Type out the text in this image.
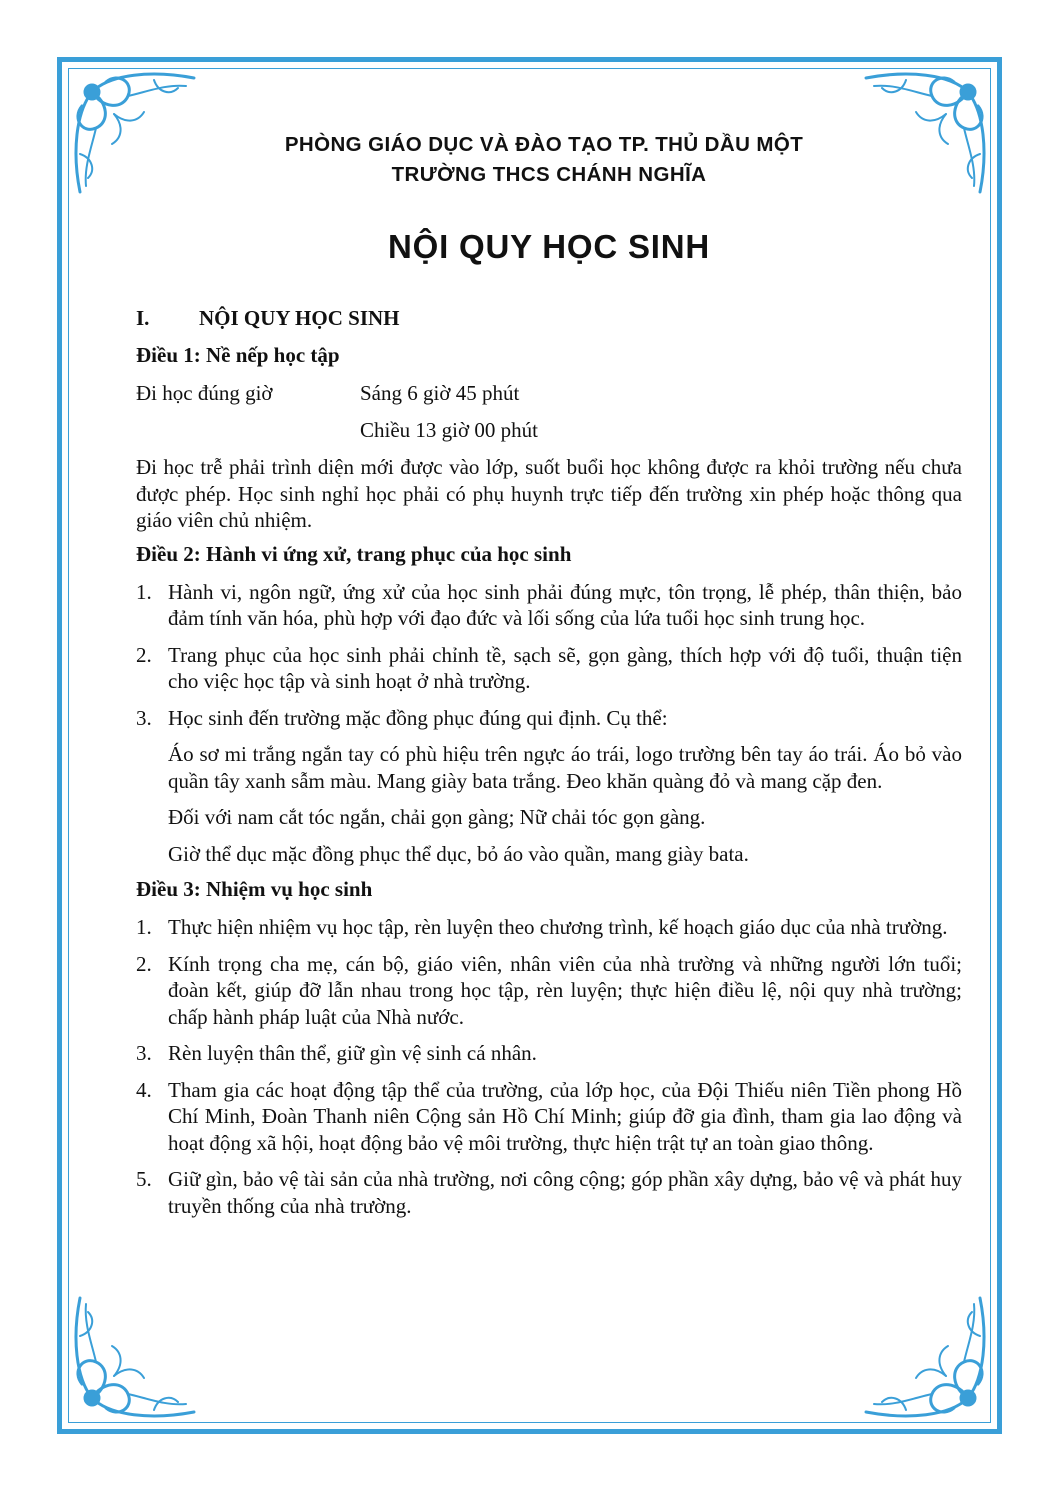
PHÒNG GIÁO DỤC VÀ ĐÀO TẠO TP. THỦ DẦU MỘT
TRƯỜNG THCS CHÁNH NGHĨA
NỘI QUY HỌC SINH
I.	NỘI QUY HỌC SINH
Điều 1: Nề nếp học tập
Đi học đúng giờ	Sáng 6 giờ 45 phút
Chiều 13 giờ 00 phút
Đi học trễ phải trình diện mới được vào lớp, suốt buổi học không được ra khỏi trường nếu chưa được phép. Học sinh nghỉ học phải có phụ huynh trực tiếp đến trường xin phép hoặc thông qua giáo viên chủ nhiệm.
Điều 2: Hành vi ứng xử, trang phục của học sinh
1. Hành vi, ngôn ngữ, ứng xử của học sinh phải đúng mực, tôn trọng, lễ phép, thân thiện, bảo đảm tính văn hóa, phù hợp với đạo đức và lối sống của lứa tuổi học sinh trung học.
2. Trang phục của học sinh phải chỉnh tề, sạch sẽ, gọn gàng, thích hợp với độ tuổi, thuận tiện cho việc học tập và sinh hoạt ở nhà trường.
3. Học sinh đến trường mặc đồng phục đúng qui định. Cụ thể:
Áo sơ mi trắng ngắn tay có phù hiệu trên ngực áo trái, logo trường bên tay áo trái. Áo bỏ vào quần tây xanh sẫm màu. Mang giày bata trắng. Đeo khăn quàng đỏ và mang cặp đen.
Đối với nam cắt tóc ngắn, chải gọn gàng; Nữ chải tóc gọn gàng.
Giờ thể dục mặc đồng phục thể dục, bỏ áo vào quần, mang giày bata.
Điều 3: Nhiệm vụ học sinh
1. Thực hiện nhiệm vụ học tập, rèn luyện theo chương trình, kế hoạch giáo dục của nhà trường.
2. Kính trọng cha mẹ, cán bộ, giáo viên, nhân viên của nhà trường và những người lớn tuổi; đoàn kết, giúp đỡ lẫn nhau trong học tập, rèn luyện; thực hiện điều lệ, nội quy nhà trường; chấp hành pháp luật của Nhà nước.
3. Rèn luyện thân thể, giữ gìn vệ sinh cá nhân.
4. Tham gia các hoạt động tập thể của trường, của lớp học, của Đội Thiếu niên Tiền phong Hồ Chí Minh, Đoàn Thanh niên Cộng sản Hồ Chí Minh; giúp đỡ gia đình, tham gia lao động và hoạt động xã hội, hoạt động bảo vệ môi trường, thực hiện trật tự an toàn giao thông.
5. Giữ gìn, bảo vệ tài sản của nhà trường, nơi công cộng; góp phần xây dựng, bảo vệ và phát huy truyền thống của nhà trường.
